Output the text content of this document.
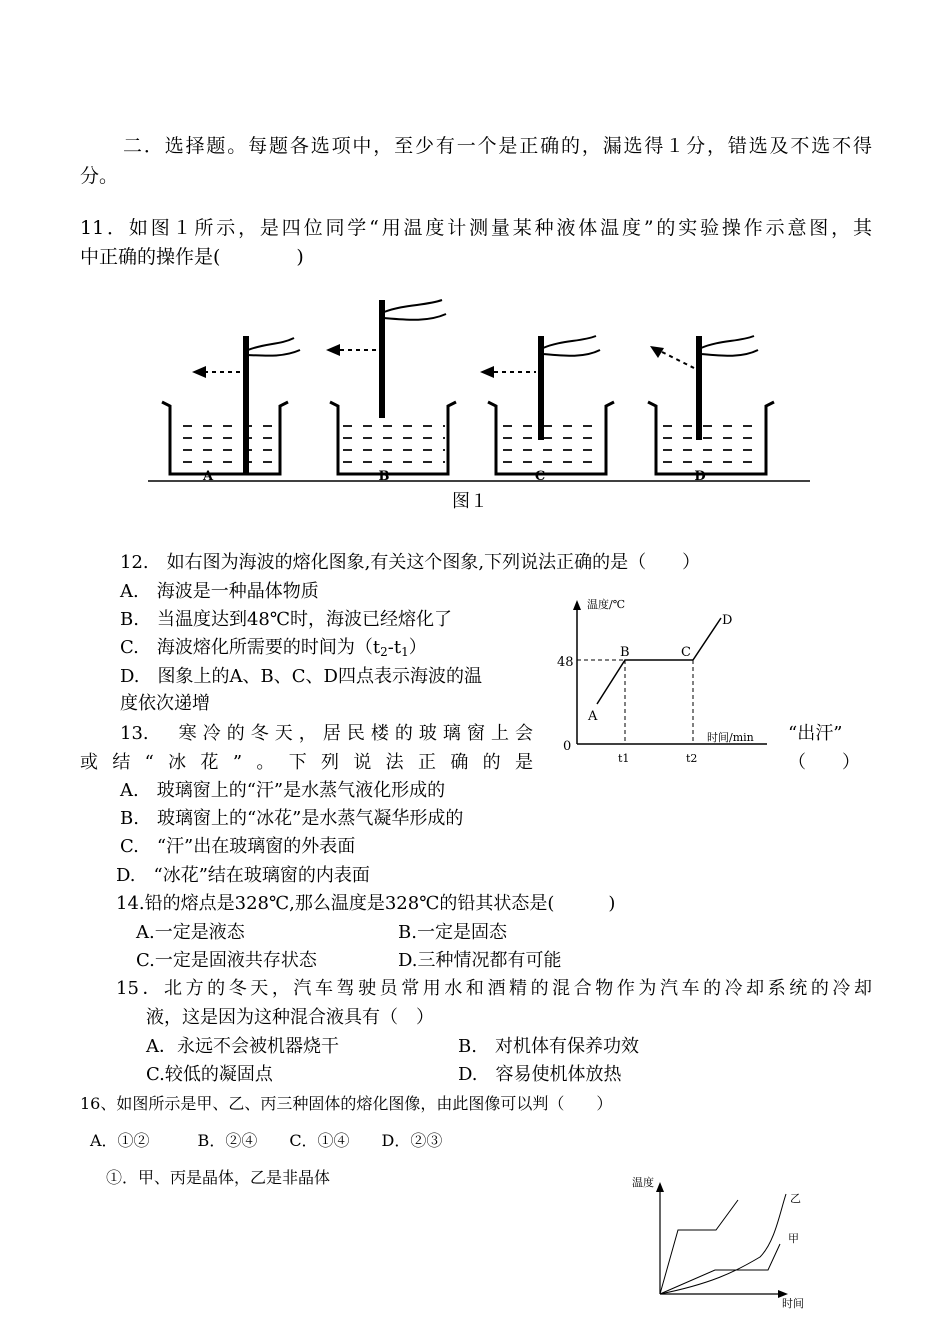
二．选择题。每题各选项中，至少有一个是正确的，漏选得１分，错选及不选不得
分。
11．如图１所示，是四位同学“用温度计测量某种液体温度”的实验操作示意图，其
中正确的操作是(　　　　)
A	B	C	D
图１
12.　如右图为海波的熔化图象,有关这个图象,下列说法正确的是（　　）
A.　海波是一种晶体物质
B.　当温度达到48℃时，海波已经熔化了
C.　海波熔化所需要的时间为$(t_2-t_1)$
D.　图象上的A、B、C、D四点表示海波的温
度依次递增
温度/℃
时间/min
48
0
t1	t2
A
B	C
D
13.　寒冷的冬天，居民楼的玻璃窗上会	“出汗”
或结“冰花”。下列说法正确的是	（　　）
A.　玻璃窗上的“汗”是水蒸气液化形成的
B.　玻璃窗上的“冰花”是水蒸气凝华形成的
C.　“汗”出在玻璃窗的外表面
D.　“冰花”结在玻璃窗的内表面
14.铅的熔点是328℃,那么温度是328℃的铅其状态是(　　　)
A.一定是液态	B.一定是固态
C.一定是固液共存状态	D.三种情况都有可能
15．北方的冬天，汽车驾驶员常用水和酒精的混合物作为汽车的冷却系统的冷却
液，这是因为这种混合液具有（　）
A．永远不会被机器烧干	B.　对机体有保养功效
C.较低的凝固点	D.　容易使机体放热
16、如图所示是甲、乙、丙三种固体的熔化图像，由此图像可以判（　　）
A．①②　　　B．②④　　C．①④　　D．②③
①．甲、丙是晶体，乙是非晶体	温度
时间
乙
甲
